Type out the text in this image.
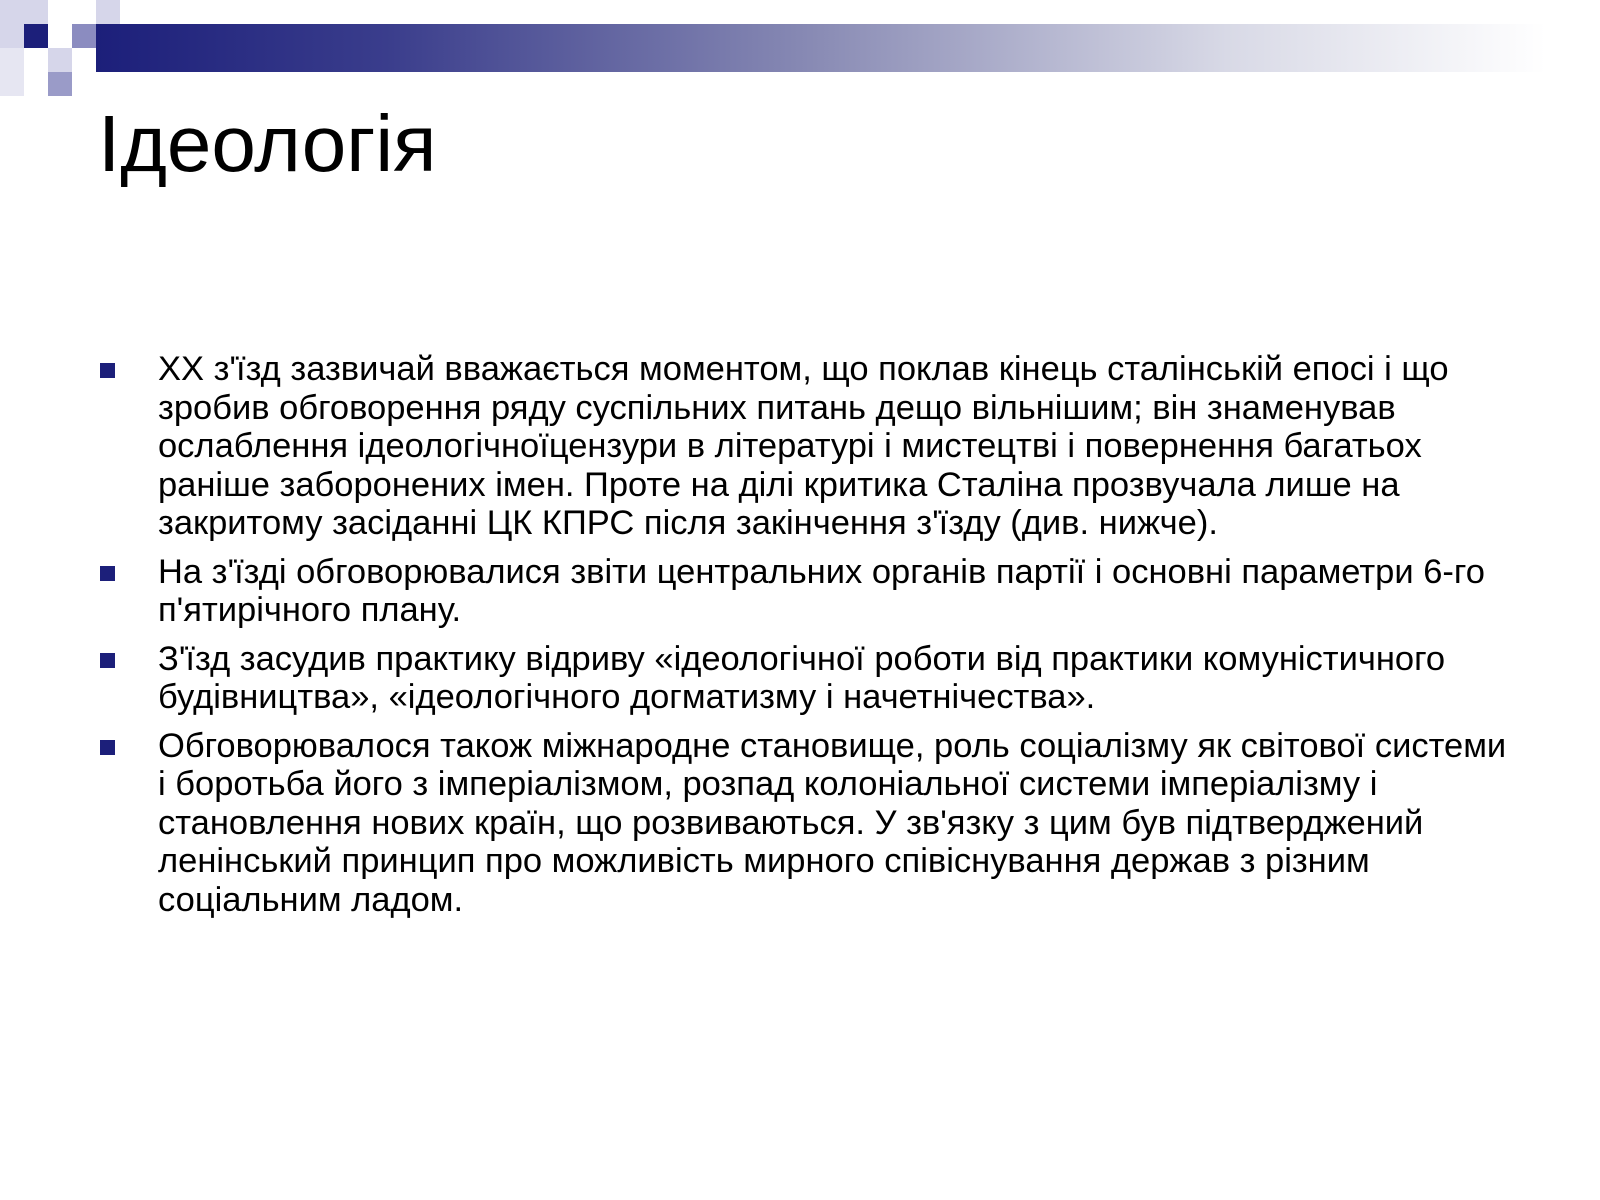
Ідеологія
XX з'їзд зазвичай вважається моментом, що поклав кінець сталінській епосі і що зробив обговорення ряду суспільних питань дещо вільнішим; він знаменував ослаблення ідеологічноїцензури в літературі і мистецтві і повернення багатьох раніше заборонених імен. Проте на ділі критика Сталіна прозвучала лише на закритому засіданні ЦК КПРС після закінчення з'їзду (див. нижче).
На з'їзді обговорювалися звіти центральних органів партії і основні параметри 6-го п'ятирічного плану.
З'їзд засудив практику відриву «ідеологічної роботи від практики комуністичного будівництва», «ідеологічного догматизму і начетнічества».
Обговорювалося також міжнародне становище, роль соціалізму як світової системи і боротьба його з імперіалізмом, розпад колоніальної системи імперіалізму і становлення нових країн, що розвиваються. У зв'язку з цим був підтверджений ленінський принцип про можливість мирного співіснування держав з різним соціальним ладом.
